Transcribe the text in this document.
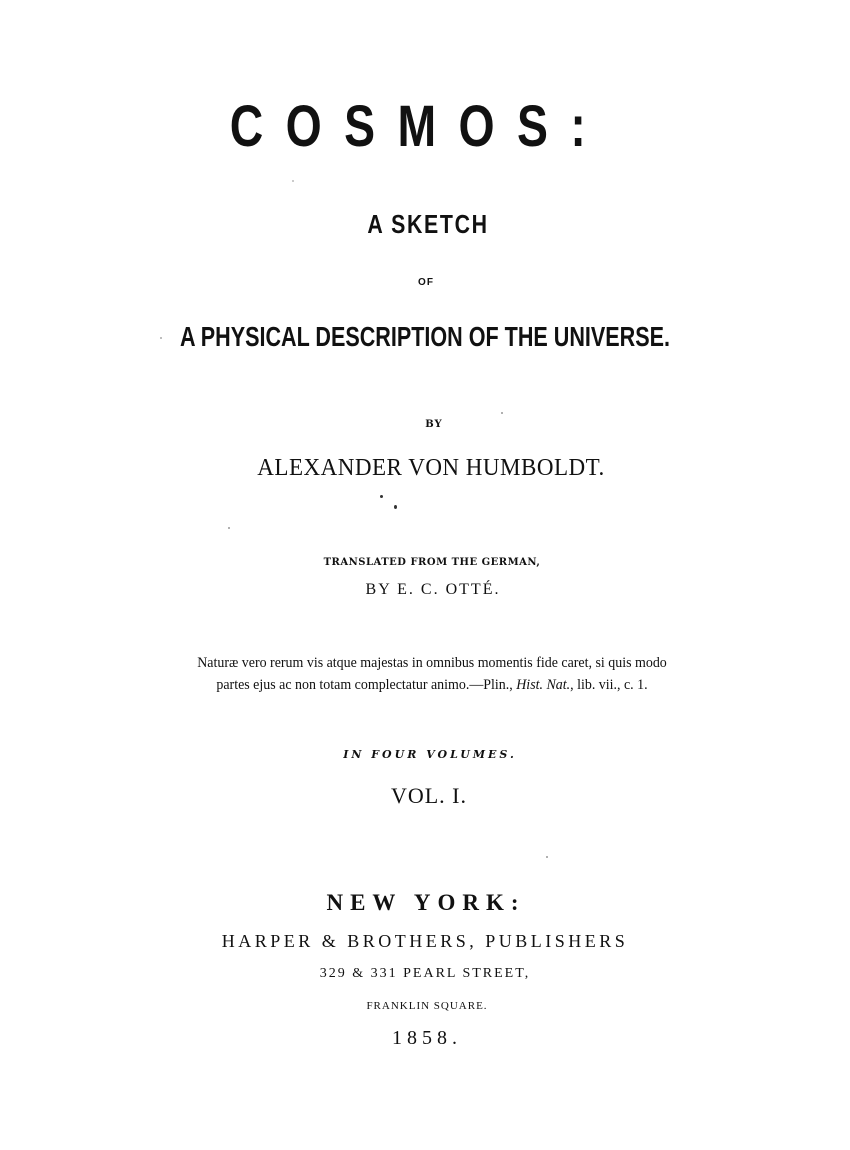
COSMOS:
A SKETCH
OF
A PHYSICAL DESCRIPTION OF THE UNIVERSE.
BY
ALEXANDER VON HUMBOLDT.
TRANSLATED FROM THE GERMAN,
BY E. C. OTTÉ.
Naturæ vero rerum vis atque majestas in omnibus momentis fide caret, si quis modo
partes ejus ac non totam complectatur animo.—Plin., Hist. Nat., lib. vii., c. 1.
IN FOUR VOLUMES.
VOL. I.
NEW YORK:
HARPER & BROTHERS, PUBLISHERS
329 & 331 PEARL STREET,
FRANKLIN SQUARE.
1858.
